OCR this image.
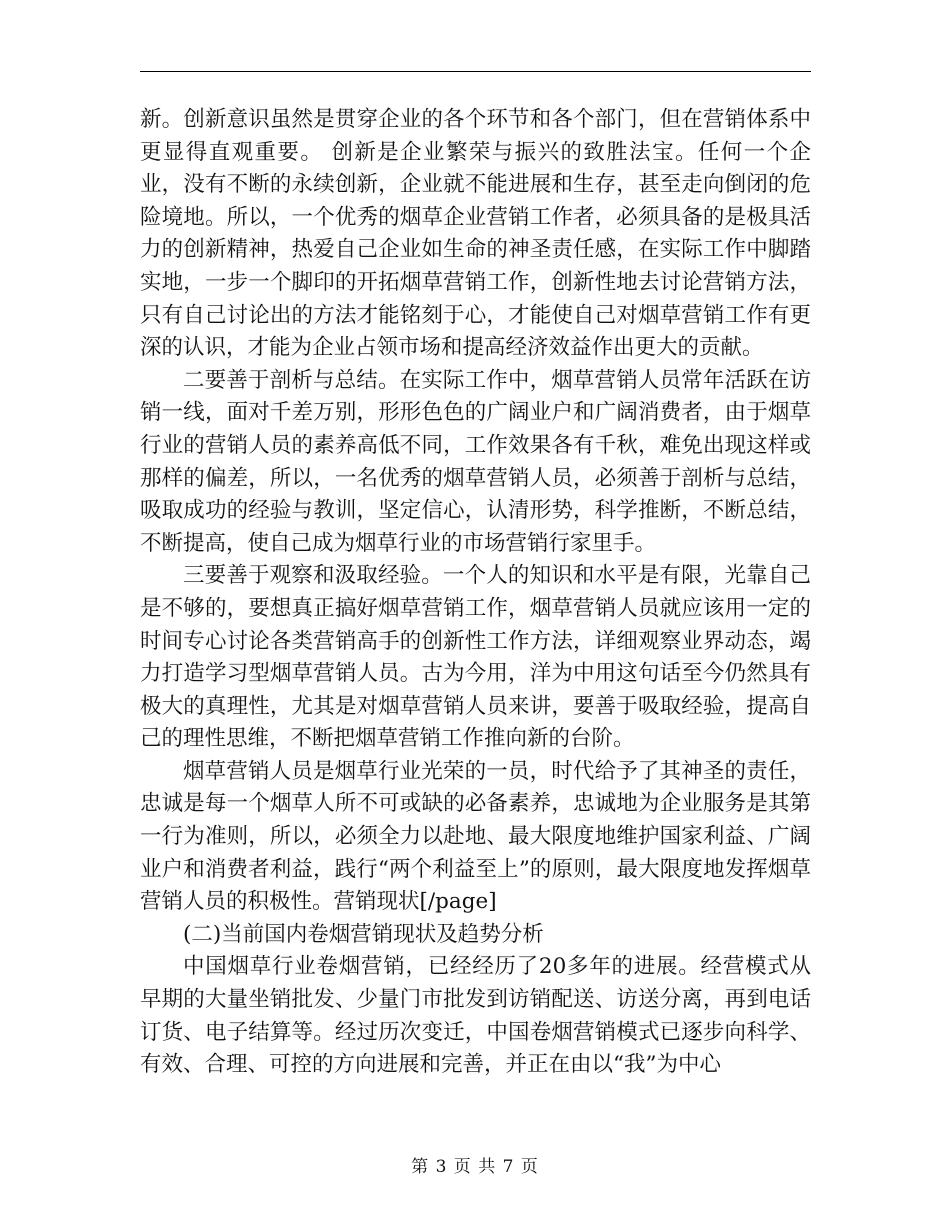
新。创新意识虽然是贯穿企业的各个环节和各个部门，但在营销体系中更显得直观重要。 创新是企业繁荣与振兴的致胜法宝。任何一个企业，没有不断的永续创新，企业就不能进展和生存，甚至走向倒闭的危险境地。所以，一个优秀的烟草企业营销工作者，必须具备的是极具活力的创新精神，热爱自己企业如生命的神圣责任感，在实际工作中脚踏实地，一步一个脚印的开拓烟草营销工作，创新性地去讨论营销方法，只有自己讨论出的方法才能铭刻于心，才能使自己对烟草营销工作有更深的认识，才能为企业占领市场和提高经济效益作出更大的贡献。

二要善于剖析与总结。在实际工作中，烟草营销人员常年活跃在访销一线，面对千差万别，形形色色的广阔业户和广阔消费者，由于烟草行业的营销人员的素养高低不同，工作效果各有千秋，难免出现这样或那样的偏差，所以，一名优秀的烟草营销人员，必须善于剖析与总结，吸取成功的经验与教训，坚定信心，认清形势，科学推断，不断总结，不断提高，使自己成为烟草行业的市场营销行家里手。

三要善于观察和汲取经验。一个人的知识和水平是有限，光靠自己是不够的，要想真正搞好烟草营销工作，烟草营销人员就应该用一定的时间专心讨论各类营销高手的创新性工作方法，详细观察业界动态，竭力打造学习型烟草营销人员。古为今用，洋为中用这句话至今仍然具有极大的真理性，尤其是对烟草营销人员来讲，要善于吸取经验，提高自己的理性思维，不断把烟草营销工作推向新的台阶。

烟草营销人员是烟草行业光荣的一员，时代给予了其神圣的责任，忠诚是每一个烟草人所不可或缺的必备素养，忠诚地为企业服务是其第一行为准则，所以，必须全力以赴地、最大限度地维护国家利益、广阔业户和消费者利益，践行“两个利益至上”的原则，最大限度地发挥烟草营销人员的积极性。营销现状[/page]

(二)当前国内卷烟营销现状及趋势分析

中国烟草行业卷烟营销，已经经历了20多年的进展。经营模式从早期的大量坐销批发、少量门市批发到访销配送、访送分离，再到电话订货、电子结算等。经过历次变迁，中国卷烟营销模式已逐步向科学、有效、合理、可控的方向进展和完善，并正在由以“我”为中心

第 3 页 共 7 页
